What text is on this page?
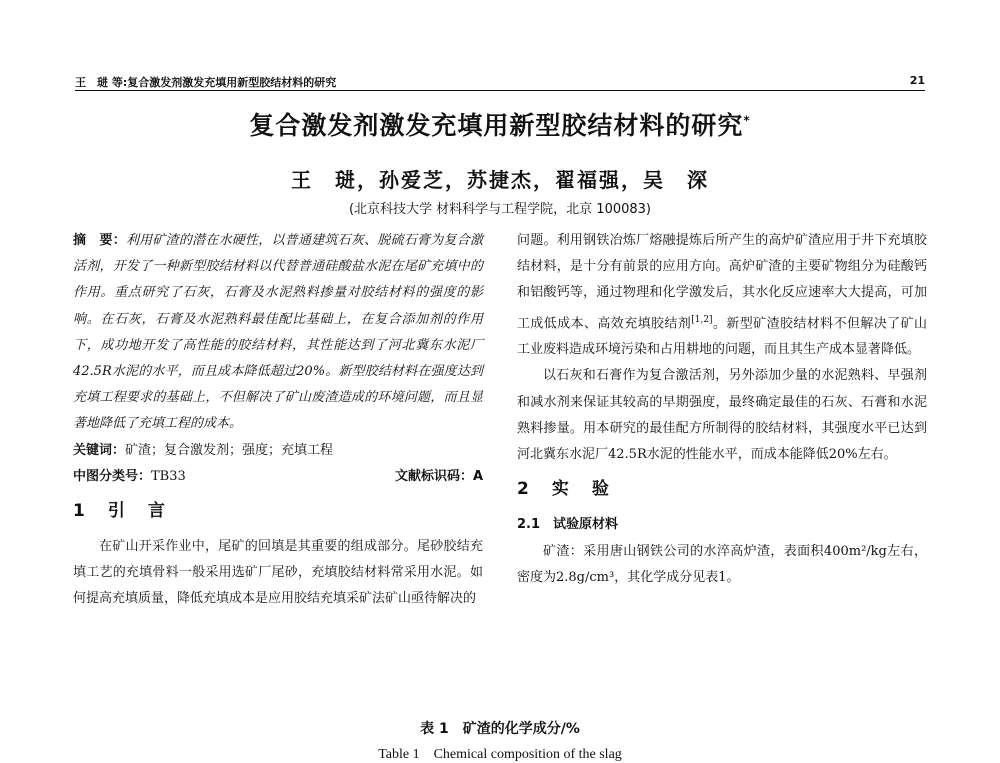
王　琎 等:复合激发剂激发充填用新型胶结材料的研究	21
复合激发剂激发充填用新型胶结材料的研究*
王　琎，孙爱芝，苏捷杰，翟福强，吴　深
(北京科技大学 材料科学与工程学院，北京 100083)
摘　要：利用矿渣的潜在水硬性，以普通建筑石灰、脱硫石膏为复合激活剂，开发了一种新型胶结材料以代替普通硅酸盐水泥在尾矿充填中的作用。重点研究了石灰，石膏及水泥熟料掺量对胶结材料的强度的影响。在石灰，石膏及水泥熟料最佳配比基础上，在复合添加剂的作用下，成功地开发了高性能的胶结材料，其性能达到了河北冀东水泥厂42.5R水泥的水平，而且成本降低超过20%。新型胶结材料在强度达到充填工程要求的基础上，不但解决了矿山废渣造成的环境问题，而且显著地降低了充填工程的成本。
关键词：矿渣；复合激发剂；强度；充填工程
中图分类号：TB33	文献标识码：A
1　引　言
在矿山开采作业中，尾矿的回填是其重要的组成部分。尾砂胶结充填工艺的充填骨料一般采用选矿厂尾砂，充填胶结材料常采用水泥。如何提高充填质量，降低充填成本是应用胶结充填采矿法矿山亟待解决的
问题。利用钢铁冶炼厂熔融提炼后所产生的高炉矿渣应用于井下充填胶结材料，是十分有前景的应用方向。高炉矿渣的主要矿物组分为硅酸钙和铝酸钙等，通过物理和化学激发后，其水化反应速率大大提高，可加工成低成本、高效充填胶结剂[1,2]。新型矿渣胶结材料不但解决了矿山工业废料造成环境污染和占用耕地的问题，而且其生产成本显著降低。
以石灰和石膏作为复合激活剂，另外添加少量的水泥熟料、早强剂和减水剂来保证其较高的早期强度，最终确定最佳的石灰、石膏和水泥熟料掺量。用本研究的最佳配方所制得的胶结材料，其强度水平已达到河北冀东水泥厂42.5R水泥的性能水平，而成本能降低20%左右。
2　实　验
2.1　试验原材料
矿渣：采用唐山钢铁公司的水淬高炉渣，表面积400m²/kg左右，密度为2.8g/cm³，其化学成分见表1。
表 1　矿渣的化学成分/%
Table 1　Chemical composition of the slag
